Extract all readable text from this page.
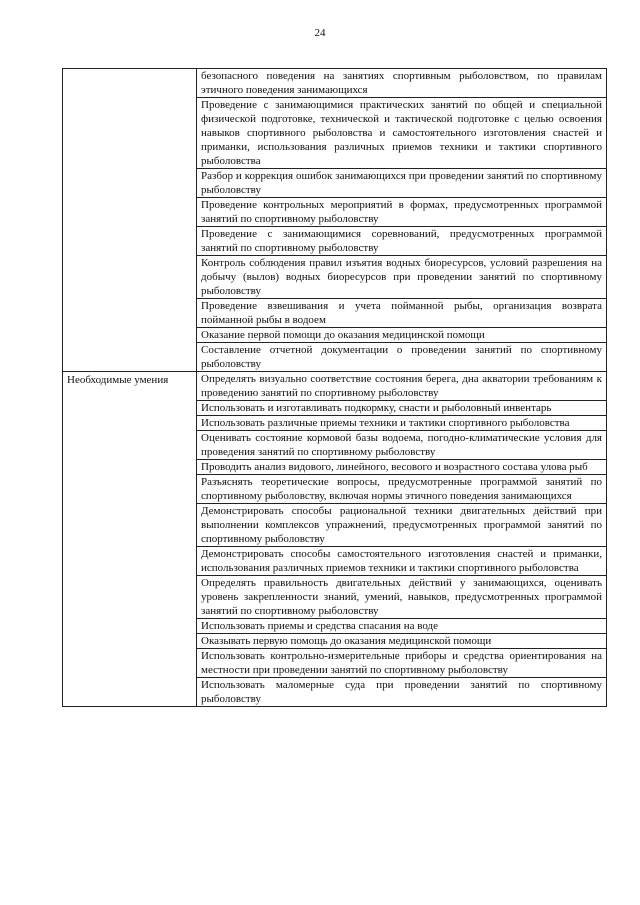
24
безопасного поведения на занятиях спортивным рыболовством, по правилам этичного поведения занимающихся
Проведение с занимающимися практических занятий по общей и специальной физической подготовке, технической и тактической подготовке с целью освоения навыков спортивного рыболовства и самостоятельного изготовления снастей и приманки, использования различных приемов техники и тактики спортивного рыболовства
Разбор и коррекция ошибок занимающихся при проведении занятий по спортивному рыболовству
Проведение контрольных мероприятий в формах, предусмотренных программой занятий по спортивному рыболовству
Проведение с занимающимися соревнований, предусмотренных программой занятий по спортивному рыболовству
Контроль соблюдения правил изъятия водных биоресурсов, условий разрешения на добычу (вылов) водных биоресурсов при проведении занятий по спортивному рыболовству
Проведение взвешивания и учета пойманной рыбы, организация возврата пойманной рыбы в водоем
Оказание первой помощи до оказания медицинской помощи
Составление отчетной документации о проведении занятий по спортивному рыболовству
Необходимые умения	Определять визуально соответствие состояния берега, дна акватории требованиям к проведению занятий по спортивному рыболовству
Использовать и изготавливать подкормку, снасти и рыболовный инвентарь
Использовать различные приемы техники и тактики спортивного рыболовства
Оценивать состояние кормовой базы водоема, погодно-климатические условия для проведения занятий по спортивному рыболовству
Проводить анализ видового, линейного, весового и возрастного состава улова рыб
Разъяснять теоретические вопросы, предусмотренные программой занятий по спортивному рыболовству, включая нормы этичного поведения занимающихся
Демонстрировать способы рациональной техники двигательных действий при выполнении комплексов упражнений, предусмотренных программой занятий по спортивному рыболовству
Демонстрировать способы самостоятельного изготовления снастей и приманки, использования различных приемов техники и тактики спортивного рыболовства
Определять правильность двигательных действий у занимающихся, оценивать уровень закрепленности знаний, умений, навыков, предусмотренных программой занятий по спортивному рыболовству
Использовать приемы и средства спасания на воде
Оказывать первую помощь до оказания медицинской помощи
Использовать контрольно-измерительные приборы и средства ориентирования на местности при проведении занятий по спортивному рыболовству
Использовать маломерные суда при проведении занятий по спортивному рыболовству
